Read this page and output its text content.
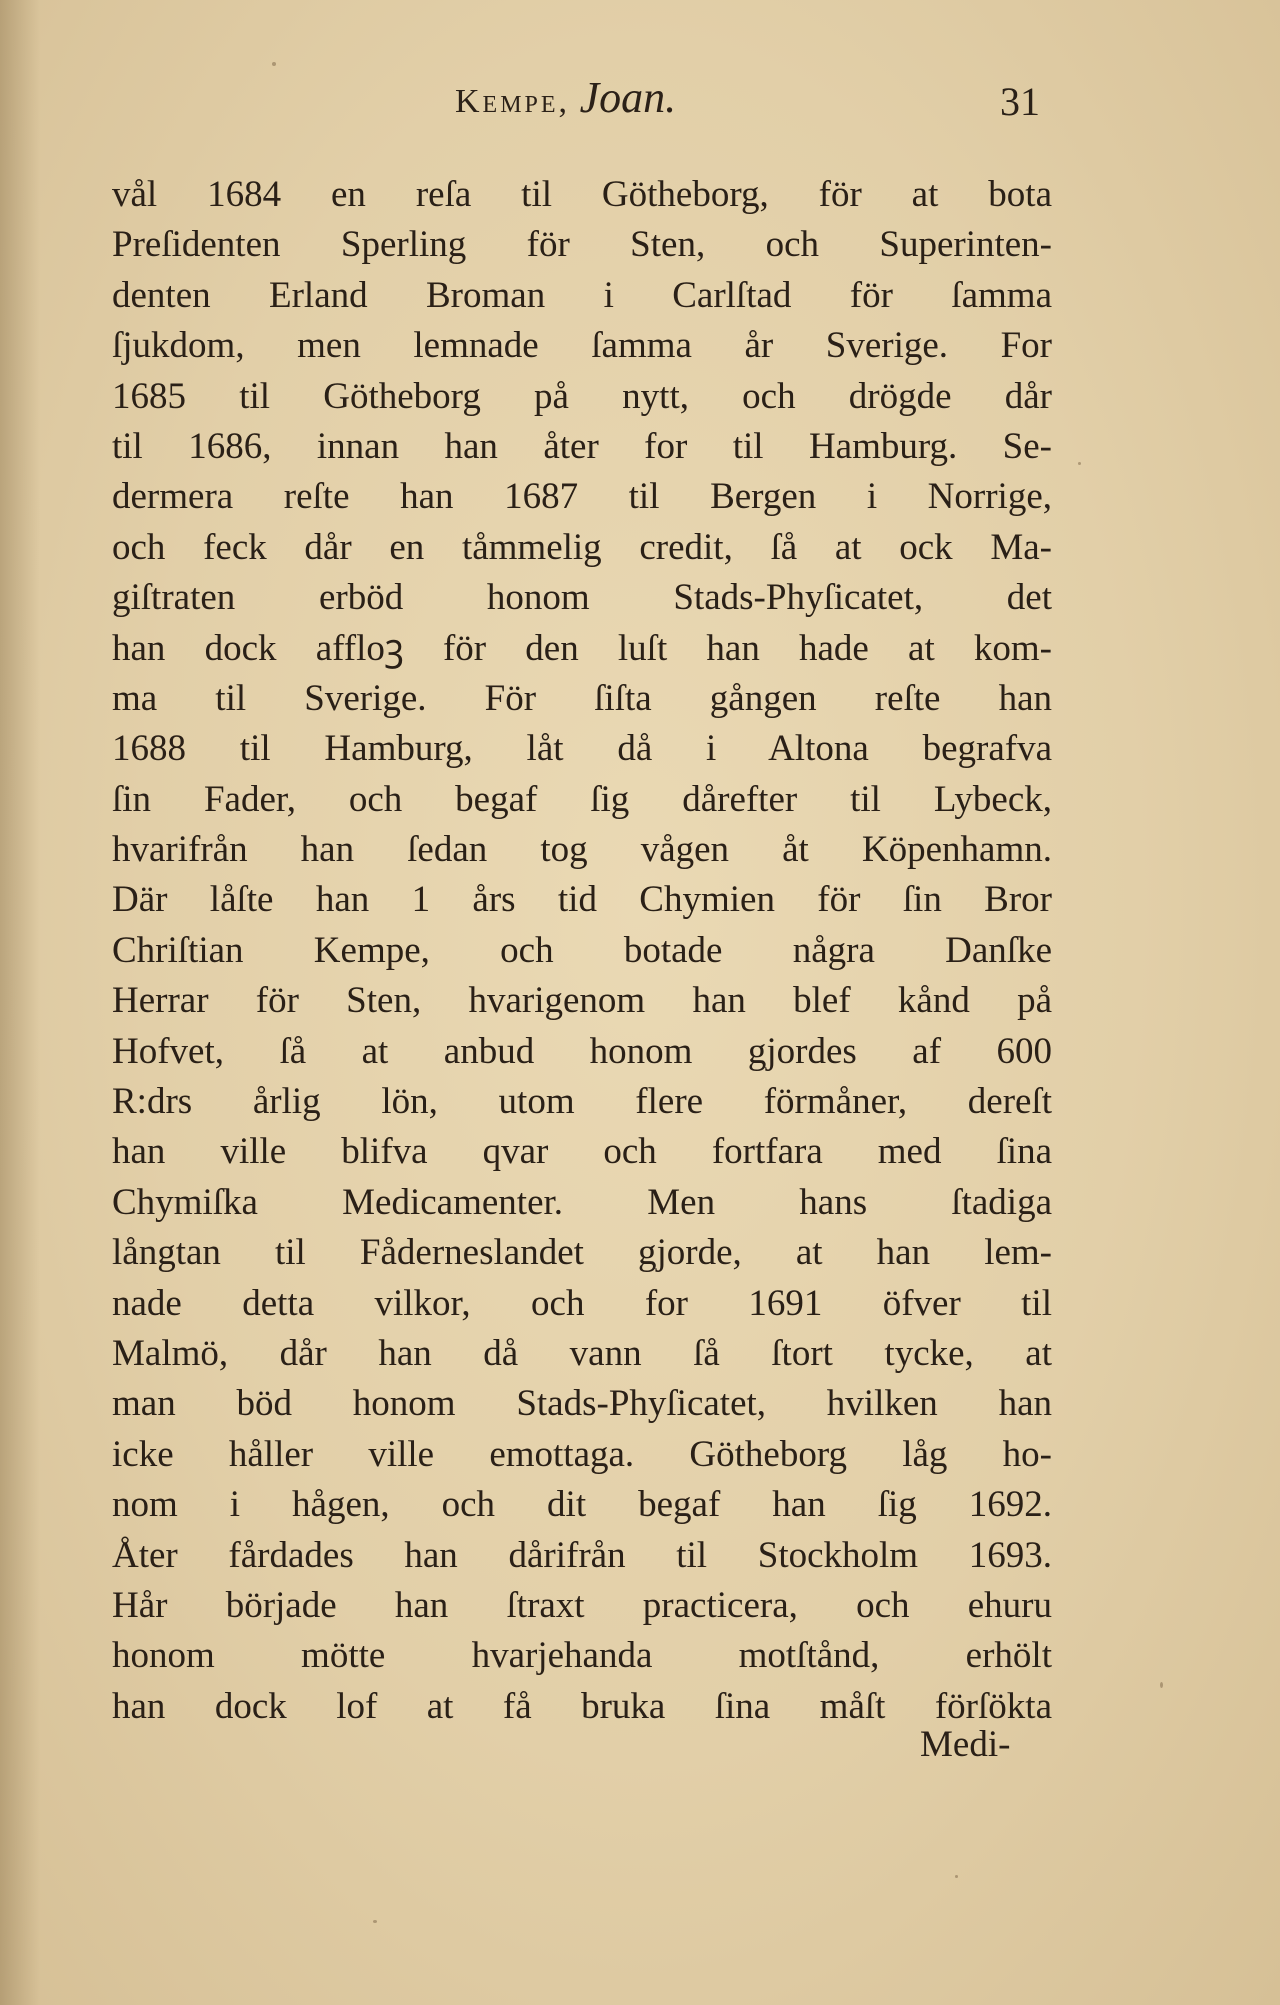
Kempe, Joan.	31
vål 1684 en reſa til Götheborg, för at bota
Preſidenten Sperling för Sten, och Superinten-
denten Erland Broman i Carlſtad för ſamma
ſjukdom, men lemnade ſamma år Sverige. For
1685 til Götheborg på nytt, och drögde dår
til 1686, innan han åter for til Hamburg. Se-
dermera reſte han 1687 til Bergen i Norrige,
och feck dår en tåmmelig credit, ſå at ock Ma-
giſtraten erböd honom Stads-Phyſicatet, det
han dock affloꝫ för den luſt han hade at kom-
ma til Sverige. För ſiſta gången reſte han
1688 til Hamburg, låt då i Altona begrafva
ſin Fader, och begaf ſig dårefter til Lybeck,
hvarifrån han ſedan tog vågen åt Köpenhamn.
Där låſte han 1 års tid Chymien för ſin Bror
Chriſtian Kempe, och botade några Danſke
Herrar för Sten, hvarigenom han blef kånd på
Hofvet, ſå at anbud honom gjordes af 600
R:drs årlig lön, utom flere förmåner, dereſt
han ville blifva qvar och fortfara med ſina
Chymiſka Medicamenter. Men hans ſtadiga
långtan til Fåderneslandet gjorde, at han lem-
nade detta vilkor, och for 1691 öfver til
Malmö, dår han då vann ſå ſtort tycke, at
man böd honom Stads-Phyſicatet, hvilken han
icke håller ville emottaga. Götheborg låg ho-
nom i hågen, och dit begaf han ſig 1692.
Åter fårdades han dårifrån til Stockholm 1693.
Hår började han ſtraxt practicera, och ehuru
honom mötte hvarjehanda motſtånd, erhölt
han dock lof at få bruka ſina måſt förſökta
Medi-
